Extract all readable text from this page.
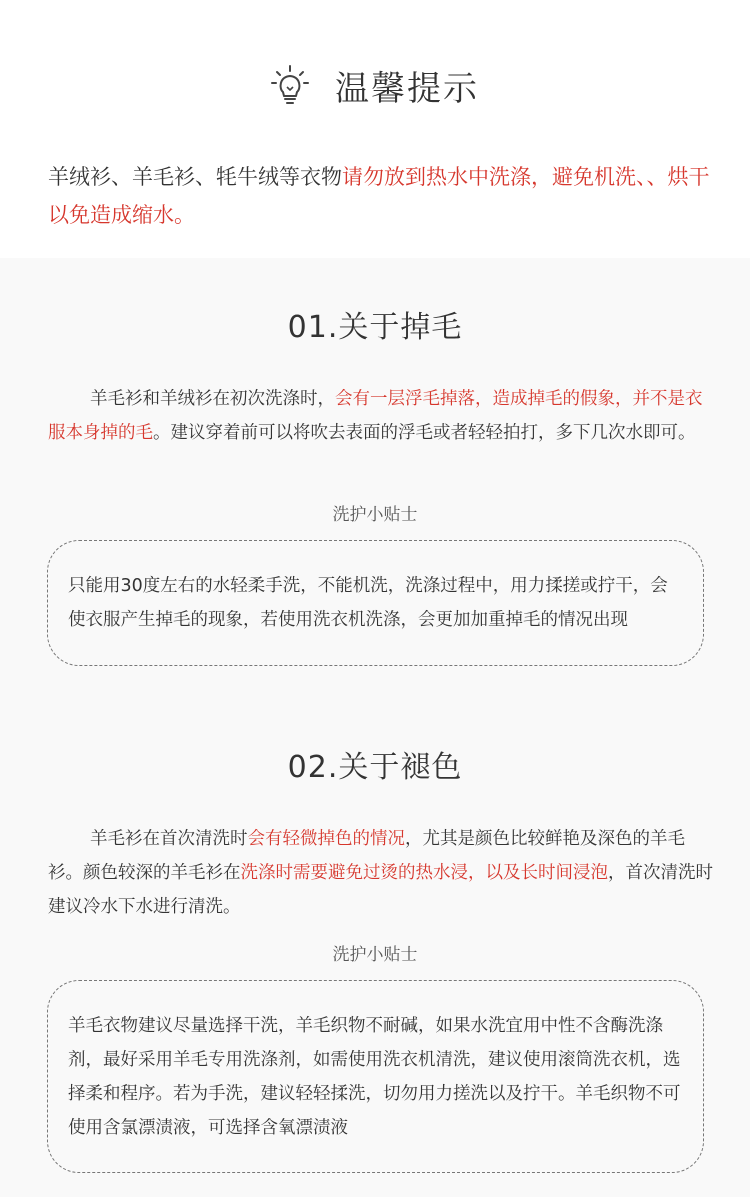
温馨提示
羊绒衫、羊毛衫、牦牛绒等衣物请勿放到热水中洗涤，避免机洗、、烘干以免造成缩水。
01.关于掉毛
羊毛衫和羊绒衫在初次洗涤时，会有一层浮毛掉落，造成掉毛的假象，并不是衣服本身掉的毛。建议穿着前可以将吹去表面的浮毛或者轻轻拍打，多下几次水即可。
洗护小贴士
只能用30度左右的水轻柔手洗，不能机洗，洗涤过程中，用力揉搓或拧干，会使衣服产生掉毛的现象，若使用洗衣机洗涤，会更加加重掉毛的情况出现
02.关于褪色
羊毛衫在首次清洗时会有轻微掉色的情况，尤其是颜色比较鲜艳及深色的羊毛衫。颜色较深的羊毛衫在洗涤时需要避免过烫的热水浸，以及长时间浸泡，首次清洗时建议冷水下水进行清洗。
洗护小贴士
羊毛衣物建议尽量选择干洗，羊毛织物不耐碱，如果水洗宜用中性不含酶洗涤剂，最好采用羊毛专用洗涤剂，如需使用洗衣机清洗，建议使用滚筒洗衣机，选择柔和程序。若为手洗，建议轻轻揉洗，切勿用力搓洗以及拧干。羊毛织物不可使用含氯漂渍液，可选择含氧漂渍液
